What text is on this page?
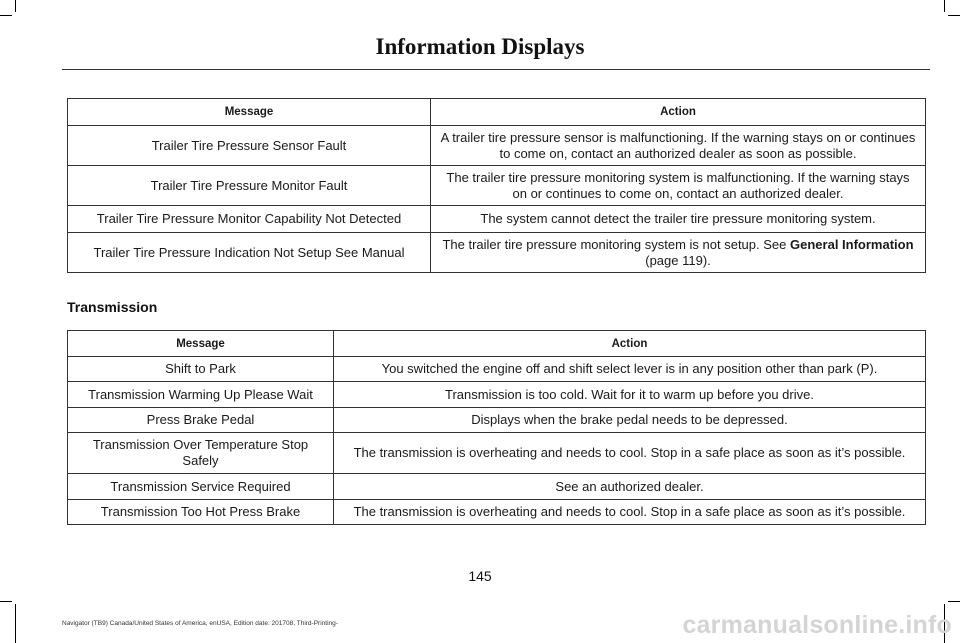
Information Displays
Message	Action
Trailer Tire Pressure Sensor Fault	A trailer tire pressure sensor is malfunctioning. If the warning stays on or continues
to come on, contact an authorized dealer as soon as possible.
Trailer Tire Pressure Monitor Fault	The trailer tire pressure monitoring system is malfunctioning. If the warning stays
on or continues to come on, contact an authorized dealer.
Trailer Tire Pressure Monitor Capability Not Detected	The system cannot detect the trailer tire pressure monitoring system.
Trailer Tire Pressure Indication Not Setup See Manual	The trailer tire pressure monitoring system is not setup. See General Information
(page 119).
Transmission
Message	Action
Shift to Park	You switched the engine off and shift select lever is in any position other than park (P).
Transmission Warming Up Please Wait	Transmission is too cold. Wait for it to warm up before you drive.
Press Brake Pedal	Displays when the brake pedal needs to be depressed.
Transmission Over Temperature Stop
Safely	The transmission is overheating and needs to cool. Stop in a safe place as soon as it’s possible.
Transmission Service Required	See an authorized dealer.
Transmission Too Hot Press Brake	The transmission is overheating and needs to cool. Stop in a safe place as soon as it’s possible.
145
Navigator (TB9) Canada/United States of America, enUSA, Edition date: 201708, Third-Printing-	carmanualsonline.info
